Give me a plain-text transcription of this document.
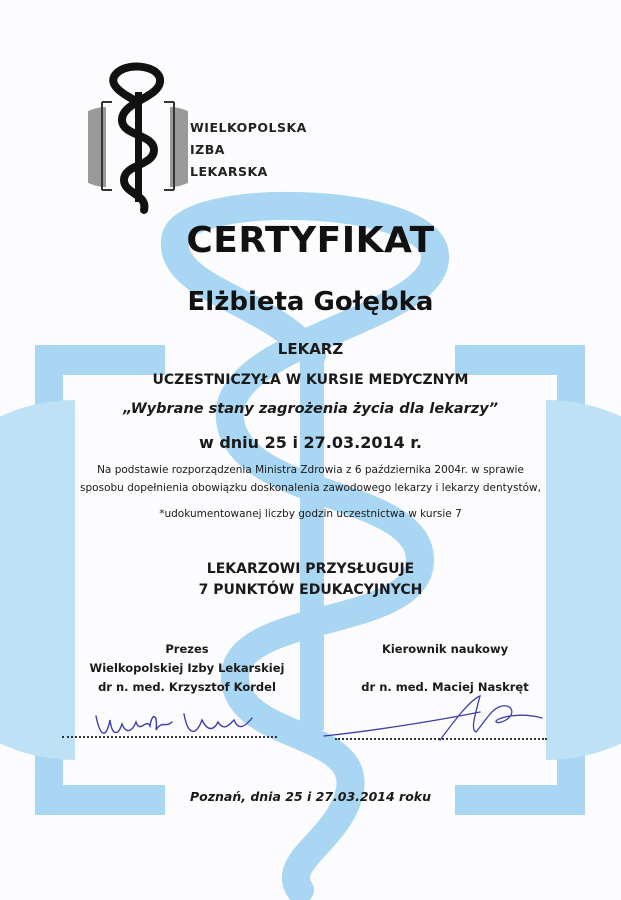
WIELKOPOLSKA
IZBA
LEKARSKA
CERTYFIKAT
Elżbieta Gołębka
LEKARZ
UCZESTNICZYŁA W KURSIE MEDYCZNYM
„Wybrane stany zagrożenia życia dla lekarzy”
w dniu 25 i 27.03.2014 r.
Na podstawie rozporządzenia Ministra Zdrowia z 6 października 2004r. w sprawie
sposobu dopełnienia obowiązku doskonalenia zawodowego lekarzy i lekarzy dentystów,
*udokumentowanej liczby godzin uczestnictwa w kursie 7
LEKARZOWI PRZYSŁUGUJE
7 PUNKTÓW EDUKACYJNYCH
Prezes
Wielkopolskiej Izby Lekarskiej
dr n. med. Krzysztof Kordel
Kierownik naukowy

dr n. med. Maciej Naskręt
Poznań, dnia 25 i 27.03.2014 roku
